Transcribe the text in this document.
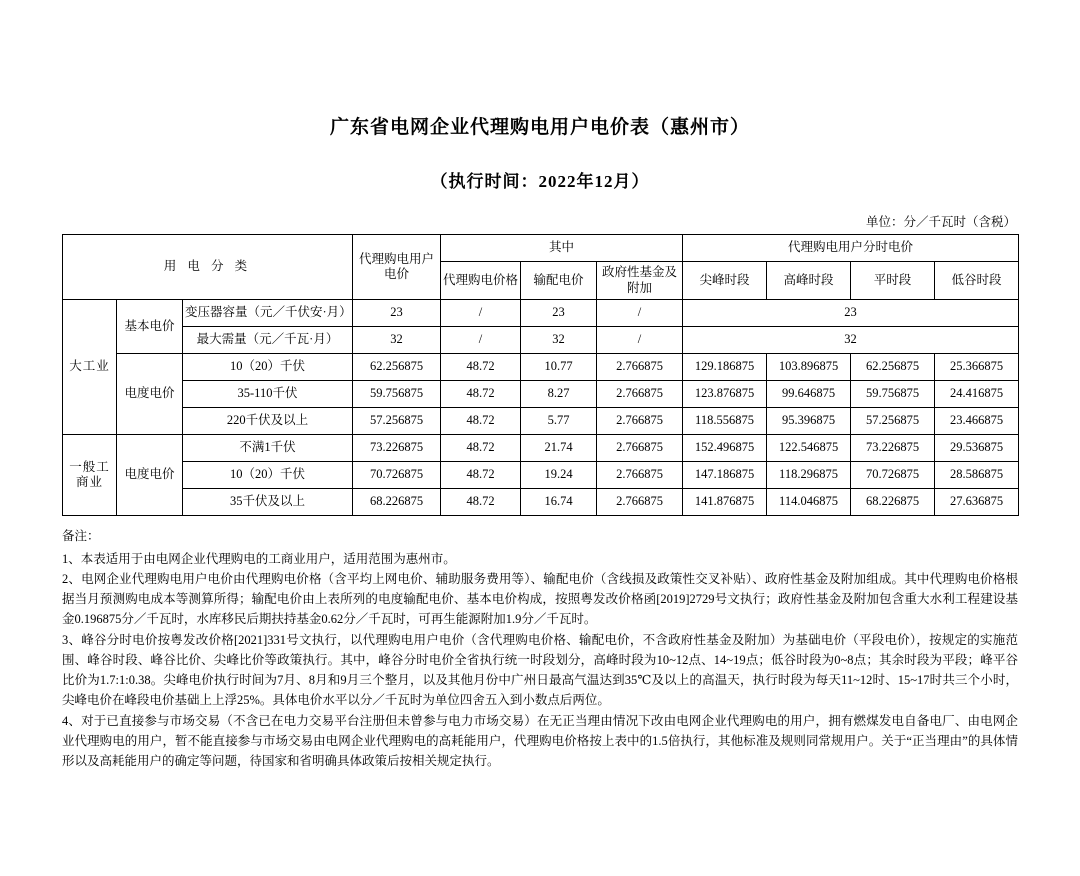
广东省电网企业代理购电用户电价表（惠州市）
（执行时间：2022年12月）
单位：分／千瓦时（含税）
用 电 分 类			代理购电用户电价	其中			代理购电用户分时电价			
				代理购电价格	输配电价	政府性基金及附加	尖峰时段	高峰时段	平时段	低谷时段
大工业	基本电价	变压器容量（元／千伏安·月）	23	/	23	/	23			
		最大需量（元／千瓦·月）	32	/	32	/	32			
	电度电价	10（20）千伏	62.256875	48.72	10.77	2.766875	129.186875	103.896875	62.256875	25.366875
		35-110千伏	59.756875	48.72	8.27	2.766875	123.876875	99.646875	59.756875	24.416875
		220千伏及以上	57.256875	48.72	5.77	2.766875	118.556875	95.396875	57.256875	23.466875
一般工商业	电度电价	不满1千伏	73.226875	48.72	21.74	2.766875	152.496875	122.546875	73.226875	29.536875
		10（20）千伏	70.726875	48.72	19.24	2.766875	147.186875	118.296875	70.726875	28.586875
		35千伏及以上	68.226875	48.72	16.74	2.766875	141.876875	114.046875	68.226875	27.636875
备注：

1、本表适用于由电网企业代理购电的工商业用户，适用范围为惠州市。

2、电网企业代理购电用户电价由代理购电价格（含平均上网电价、辅助服务费用等）、输配电价（含线损及政策性交叉补贴）、政府性基金及附加组成。其中代理购电价格根据当月预测购电成本等测算所得；输配电价由上表所列的电度输配电价、基本电价构成，按照粤发改价格函[2019]2729号文执行；政府性基金及附加包含重大水利工程建设基金0.196875分／千瓦时，水库移民后期扶持基金0.62分／千瓦时，可再生能源附加1.9分／千瓦时。

3、峰谷分时电价按粤发改价格[2021]331号文执行，以代理购电用户电价（含代理购电价格、输配电价，不含政府性基金及附加）为基础电价（平段电价），按规定的实施范围、峰谷时段、峰谷比价、尖峰比价等政策执行。其中，峰谷分时电价全省执行统一时段划分，高峰时段为10~12点、14~19点；低谷时段为0~8点；其余时段为平段；峰平谷比价为1.7:1:0.38。尖峰电价执行时间为7月、8月和9月三个整月，以及其他月份中广州日最高气温达到35℃及以上的高温天，执行时段为每天11~12时、15~17时共三个小时，尖峰电价在峰段电价基础上上浮25%。具体电价水平以分／千瓦时为单位四舍五入到小数点后两位。

4、对于已直接参与市场交易（不含已在电力交易平台注册但未曾参与电力市场交易）在无正当理由情况下改由电网企业代理购电的用户，拥有燃煤发电自备电厂、由电网企业代理购电的用户，暂不能直接参与市场交易由电网企业代理购电的高耗能用户，代理购电价格按上表中的1.5倍执行，其他标准及规则同常规用户。关于“正当理由”的具体情形以及高耗能用户的确定等问题，待国家和省明确具体政策后按相关规定执行。
